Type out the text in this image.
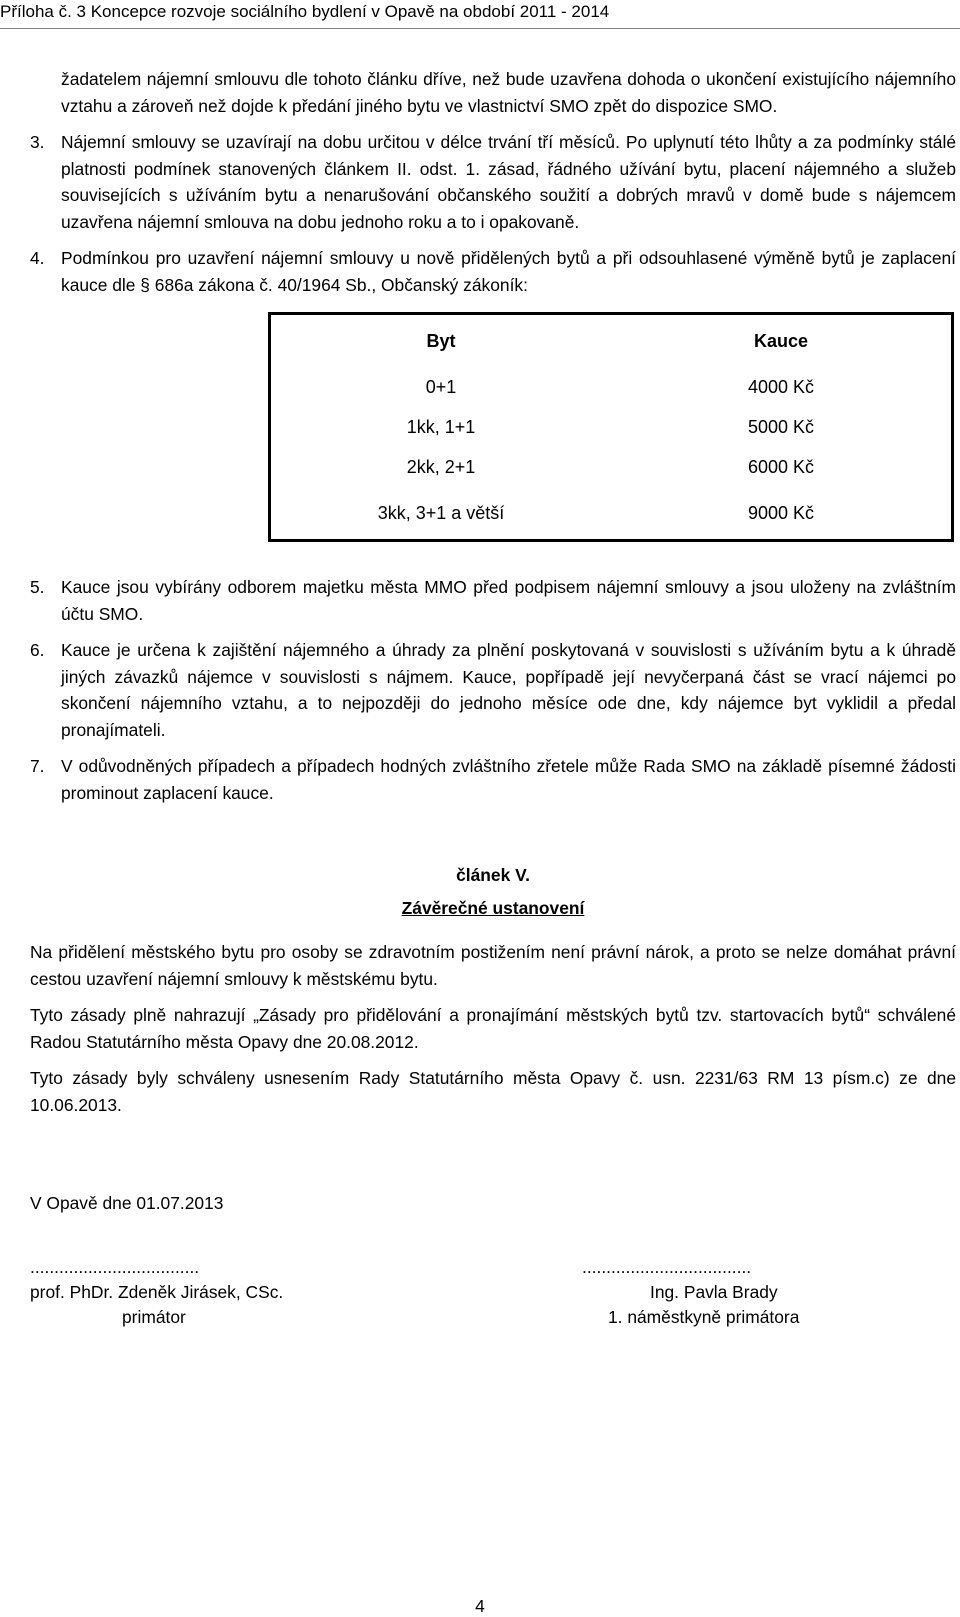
Příloha č. 3 Koncepce rozvoje sociálního bydlení v Opavě na období 2011 - 2014

žadatelem nájemní smlouvu dle tohoto článku dříve, než bude uzavřena dohoda o ukončení existujícího nájemního vztahu a zároveň než dojde k předání jiného bytu ve vlastnictví SMO zpět do dispozice SMO.

3. Nájemní smlouvy se uzavírají na dobu určitou v délce trvání tří měsíců. Po uplynutí této lhůty a za podmínky stálé platnosti podmínek stanovených článkem II. odst. 1. zásad, řádného užívání bytu, placení nájemného a služeb souvisejících s užíváním bytu a nenarušování občanského soužití a dobrých mravů v domě bude s nájemcem uzavřena nájemní smlouva na dobu jednoho roku a to i opakovaně.
4. Podmínkou pro uzavření nájemní smlouvy u nově přidělených bytů a při odsouhlasené výměně bytů je zaplacení kauce dle § 686a zákona č. 40/1964 Sb., Občanský zákoník:
Byt	Kauce
0+1	4000 Kč
1kk, 1+1	5000 Kč
2kk, 2+1	6000 Kč
3kk, 3+1 a větší	9000 Kč
5. Kauce jsou vybírány odborem majetku města MMO před podpisem nájemní smlouvy a jsou uloženy na zvláštním účtu SMO.
6. Kauce je určena k zajištění nájemného a úhrady za plnění poskytovaná v souvislosti s užíváním bytu a k úhradě jiných závazků nájemce v souvislosti s nájmem. Kauce, popřípadě její nevyčerpaná část se vrací nájemci po skončení nájemního vztahu, a to nejpozději do jednoho měsíce ode dne, kdy nájemce byt vyklidil a předal pronajímateli.
7. V odůvodněných případech a případech hodných zvláštního zřetele může Rada SMO na základě písemné žádosti prominout zaplacení kauce.

článek V.

Závěrečné ustanovení

Na přidělení městského bytu pro osoby se zdravotním postižením není právní nárok, a proto se nelze domáhat právní cestou uzavření nájemní smlouvy k městskému bytu.

Tyto zásady plně nahrazují „Zásady pro přidělování a pronajímání městských bytů tzv. startovacích bytů“ schválené Radou Statutárního města Opavy dne 20.08.2012.

Tyto zásady byly schváleny usnesením Rady Statutárního města Opavy č. usn. 2231/63 RM 13 písm.c) ze dne 10.06.2013.

V Opavě dne 01.07.2013

...................................
prof. PhDr. Zdeněk Jirásek, CSc.
primátor
...................................
Ing. Pavla Brady
1. náměstkyně primátora
4
